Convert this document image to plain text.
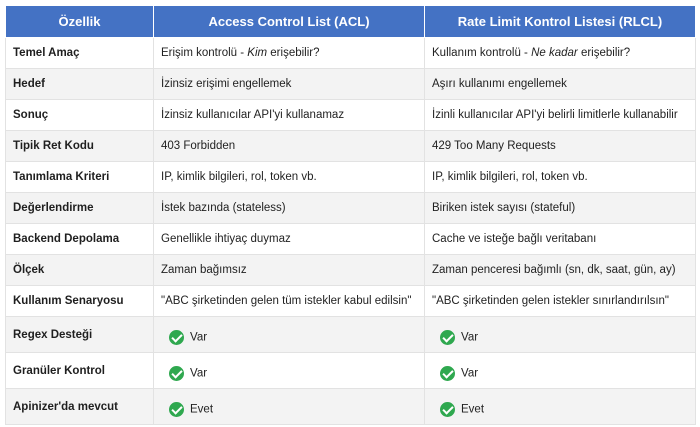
Özellik	Access Control List (ACL)	Rate Limit Kontrol Listesi (RLCL)
Temel Amaç	Erişim kontrolü - Kim erişebilir?	Kullanım kontrolü - Ne kadar erişebilir?
Hedef	İzinsiz erişimi engellemek	Aşırı kullanımı engellemek
Sonuç	İzinsiz kullanıcılar API'yi kullanamaz	İzinli kullanıcılar API'yi belirli limitlerle kullanabilir
Tipik Ret Kodu	403 Forbidden	429 Too Many Requests
Tanımlama Kriteri	IP, kimlik bilgileri, rol, token vb.	IP, kimlik bilgileri, rol, token vb.
Değerlendirme	İstek bazında (stateless)	Biriken istek sayısı (stateful)
Backend Depolama	Genellikle ihtiyaç duymaz	Cache ve isteğe bağlı veritabanı
Ölçek	Zaman bağımsız	Zaman penceresi bağımlı (sn, dk, saat, gün, ay)
Kullanım Senaryosu	"ABC şirketinden gelen tüm istekler kabul edilsin"	"ABC şirketinden gelen istekler sınırlandırılsın"
Regex Desteği	Var	Var
Granüler Kontrol	Var	Var
Apinizer'da mevcut	Evet	Evet
